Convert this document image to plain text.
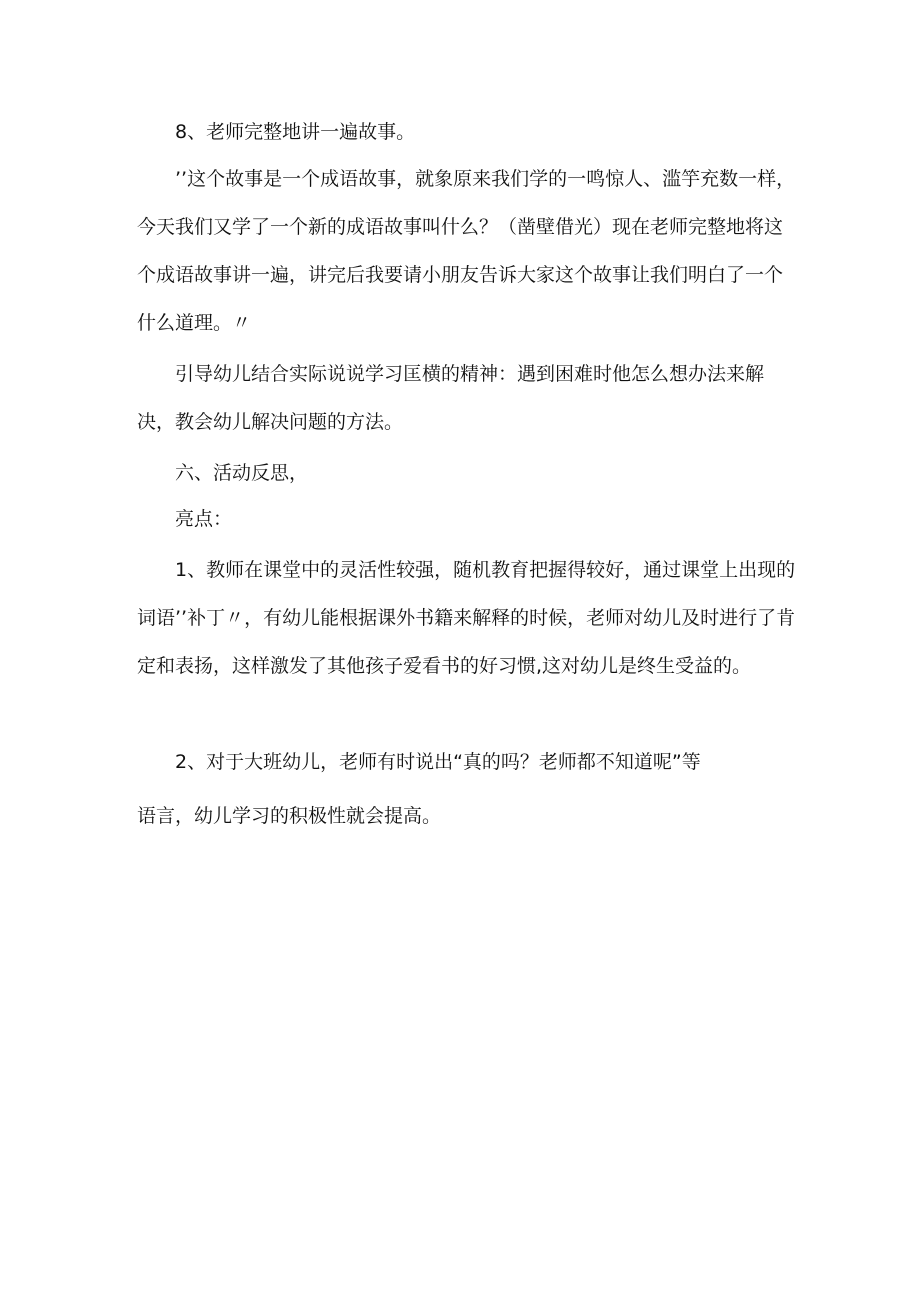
8、老师完整地讲一遍故事。

’’这个故事是一个成语故事，就象原来我们学的一鸣惊人、滥竽充数一样，今天我们又学了一个新的成语故事叫什么？（凿壁借光）现在老师完整地将这个成语故事讲一遍，讲完后我要请小朋友告诉大家这个故事让我们明白了一个什么道理。〃

引导幼儿结合实际说说学习匡横的精神：遇到困难时他怎么想办法来解决，教会幼儿解决问题的方法。

六、活动反思，

亮点：

1、教师在课堂中的灵活性较强，随机教育把握得较好，通过课堂上出现的词语’’补丁〃，有幼儿能根据课外书籍来解释的时候，老师对幼儿及时进行了肯定和表扬，这样激发了其他孩子爱看书的好习惯,这对幼儿是终生受益的。

2、对于大班幼儿，老师有时说出“真的吗？老师都不知道呢”等

语言，幼儿学习的积极性就会提高。
